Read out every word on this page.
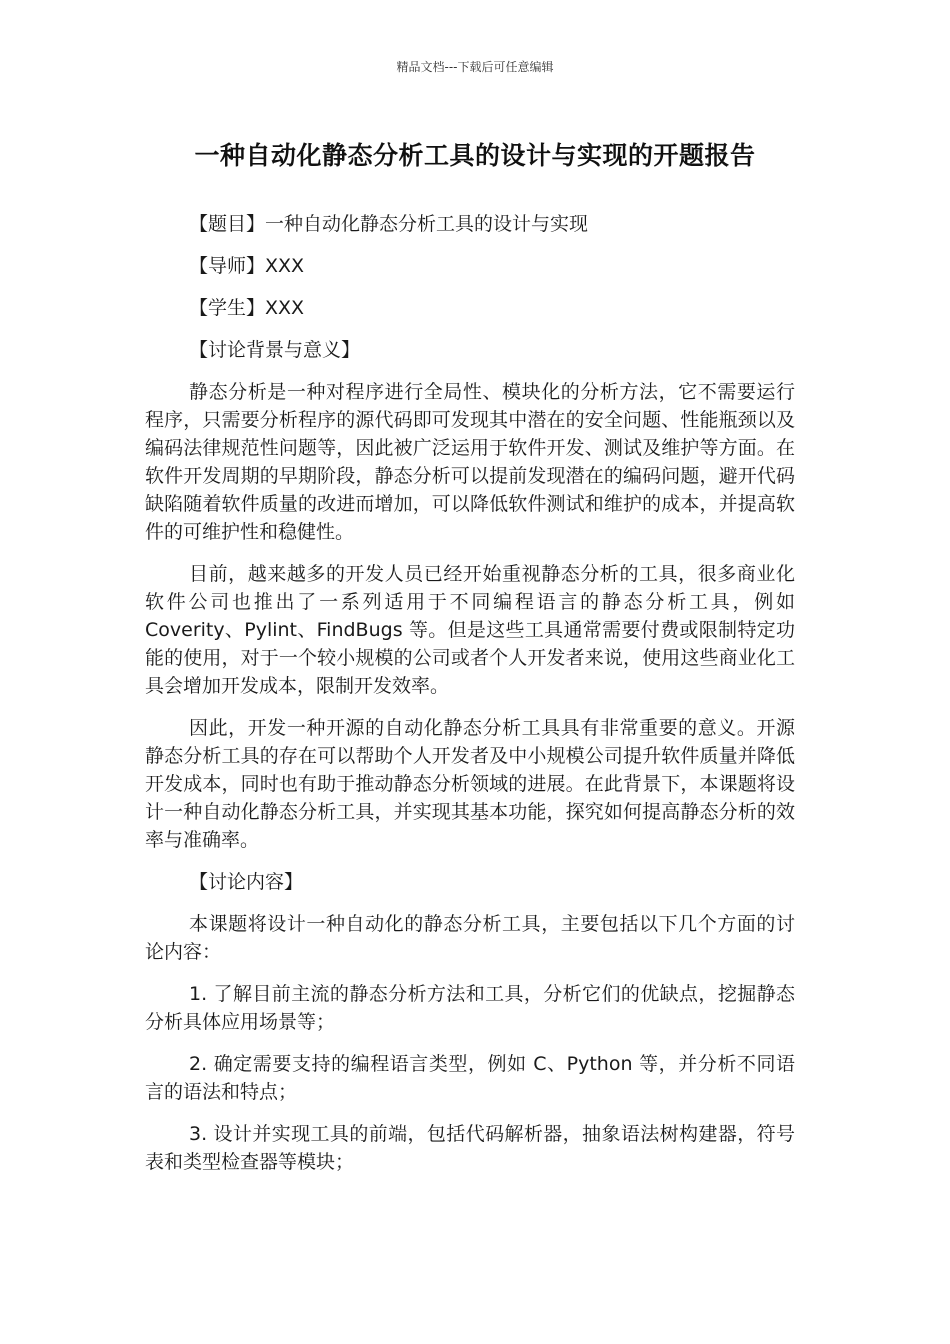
精品文档---下载后可任意编辑
一种自动化静态分析工具的设计与实现的开题报告

【题目】一种自动化静态分析工具的设计与实现

【导师】XXX

【学生】XXX

【讨论背景与意义】

静态分析是一种对程序进行全局性、模块化的分析方法，它不需要运行程序，只需要分析程序的源代码即可发现其中潜在的安全问题、性能瓶颈以及编码法律规范性问题等，因此被广泛运用于软件开发、测试及维护等方面。在软件开发周期的早期阶段，静态分析可以提前发现潜在的编码问题，避开代码缺陷随着软件质量的改进而增加，可以降低软件测试和维护的成本，并提高软件的可维护性和稳健性。

目前，越来越多的开发人员已经开始重视静态分析的工具，很多商业化软件公司也推出了一系列适用于不同编程语言的静态分析工具，例如 Coverity、Pylint、FindBugs 等。但是这些工具通常需要付费或限制特定功能的使用，对于一个较小规模的公司或者个人开发者来说，使用这些商业化工具会增加开发成本，限制开发效率。

因此，开发一种开源的自动化静态分析工具具有非常重要的意义。开源静态分析工具的存在可以帮助个人开发者及中小规模公司提升软件质量并降低开发成本，同时也有助于推动静态分析领域的进展。在此背景下，本课题将设计一种自动化静态分析工具，并实现其基本功能，探究如何提高静态分析的效率与准确率。

【讨论内容】

本课题将设计一种自动化的静态分析工具，主要包括以下几个方面的讨论内容：

1. 了解目前主流的静态分析方法和工具，分析它们的优缺点，挖掘静态分析具体应用场景等；

2. 确定需要支持的编程语言类型，例如 C、Python 等，并分析不同语言的语法和特点；

3. 设计并实现工具的前端，包括代码解析器，抽象语法树构建器，符号表和类型检查器等模块；
